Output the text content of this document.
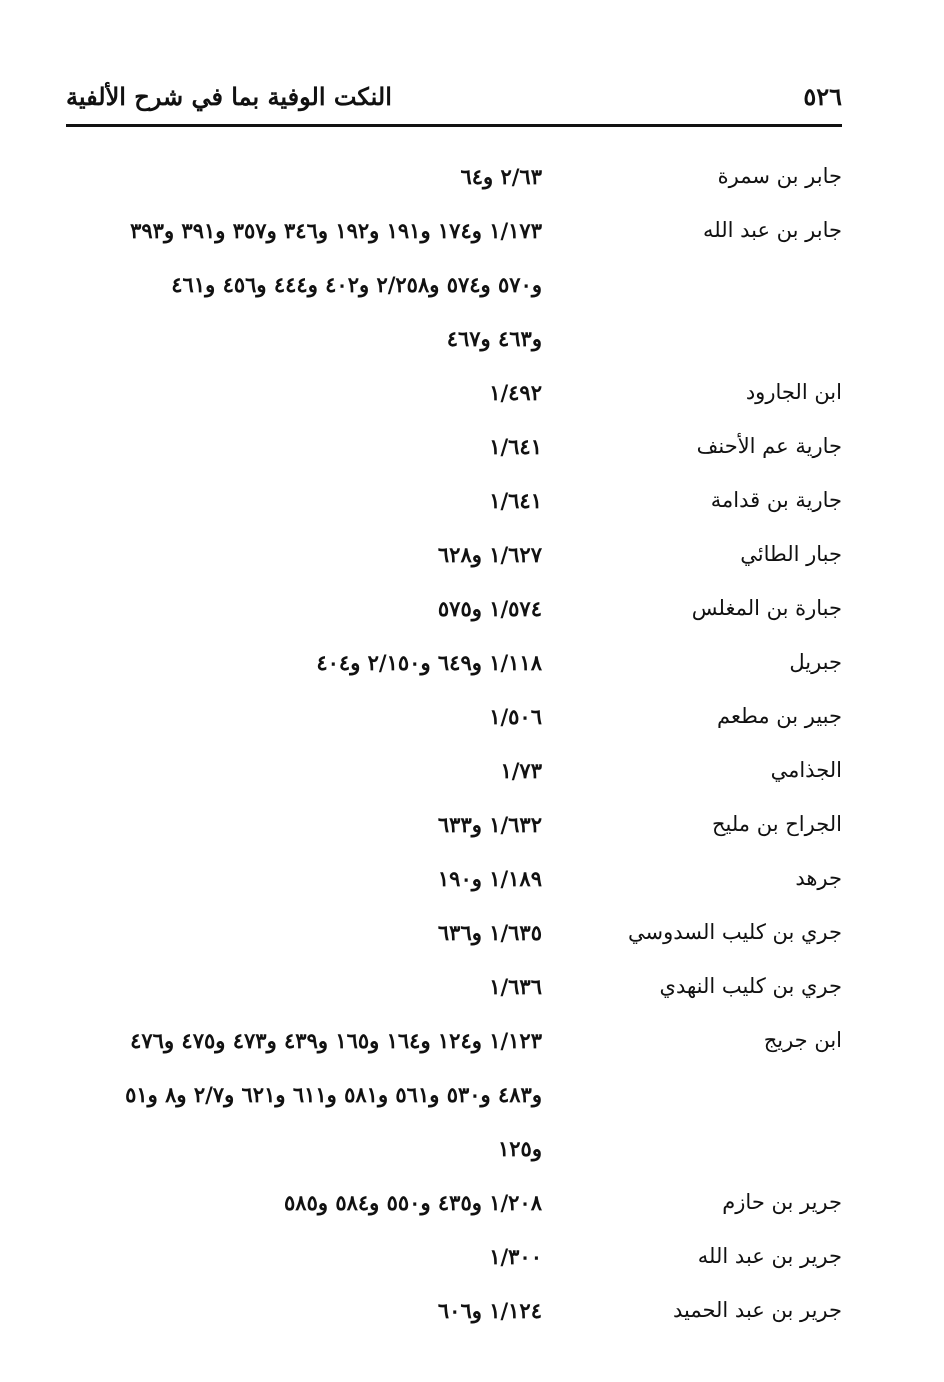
٥٢٦
النكت الوفية بما في شرح الألفية
جابر بن سمرة
٢/٦٣ و٦٤
جابر بن عبد الله
١/١٧٣ و١٧٤ و١٩١ و١٩٢ و٣٤٦ و٣٥٧ و٣٩١ و٣٩٣
و٥٧٠ و٥٧٤ و٢/٢٥٨ و٤٠٢ و٤٤٤ و٤٥٦ و٤٦١
و٤٦٣ و٤٦٧
ابن الجارود
١/٤٩٢
جارية عم الأحنف
١/٦٤١
جارية بن قدامة
١/٦٤١
جبار الطائي
١/٦٢٧ و٦٢٨
جبارة بن المغلس
١/٥٧٤ و٥٧٥
جبريل
١/١١٨ و٦٤٩ و٢/١٥٠ و٤٠٤
جبير بن مطعم
١/٥٠٦
الجذامي
١/٧٣
الجراح بن مليح
١/٦٣٢ و٦٣٣
جرهد
١/١٨٩ و١٩٠
جري بن كليب السدوسي
١/٦٣٥ و٦٣٦
جري بن كليب النهدي
١/٦٣٦
ابن جريج
١/١٢٣ و١٢٤ و١٦٤ و١٦٥ و٤٣٩ و٤٧٣ و٤٧٥ و٤٧٦
و٤٨٣ و٥٣٠ و٥٦١ و٥٨١ و٦١١ و٦٢١ و٢/٧ و٨ و٥١
و١٢٥
جرير بن حازم
١/٢٠٨ و٤٣٥ و٥٥٠ و٥٨٤ و٥٨٥
جرير بن عبد الله
١/٣٠٠
جرير بن عبد الحميد
١/١٢٤ و٦٠٦
